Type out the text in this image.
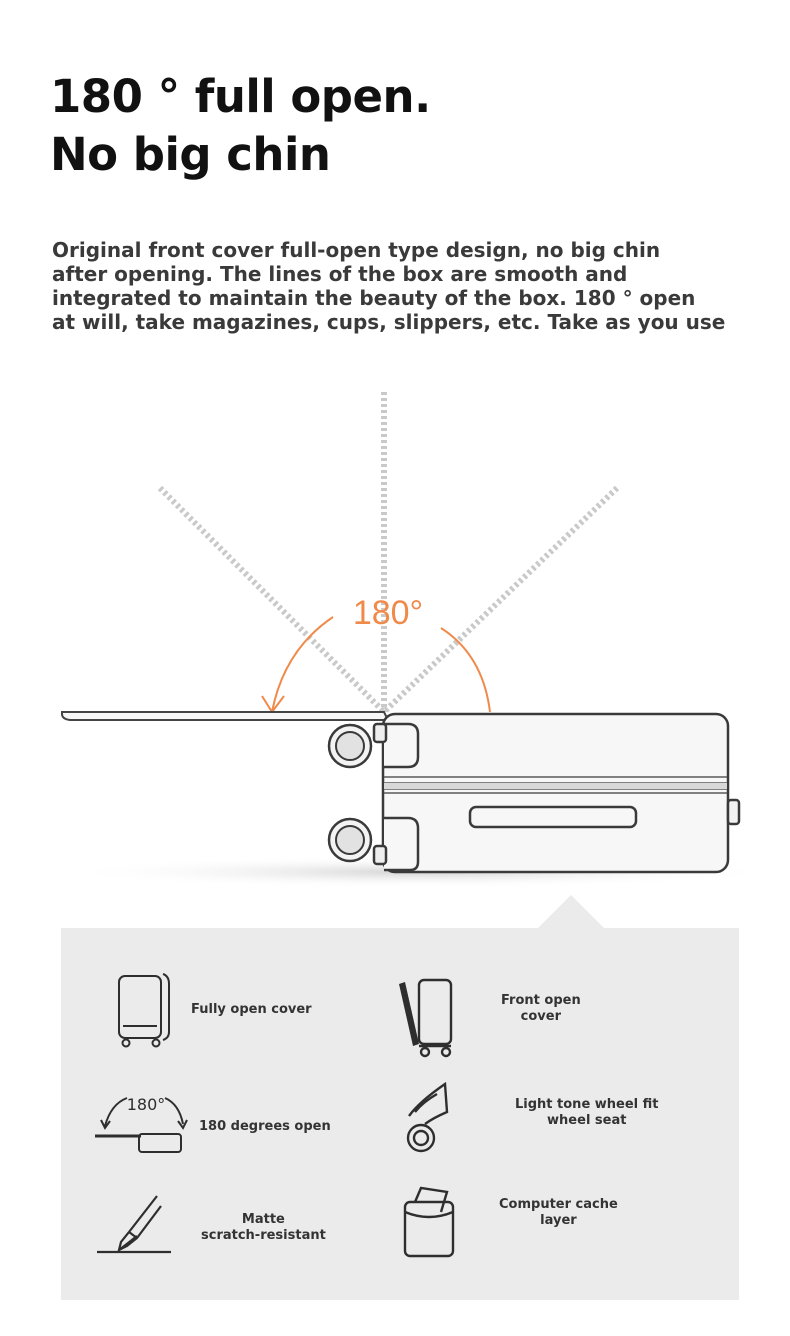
180 ° full open.
No big chin

Original front cover full-open type design, no big chin
after opening. The lines of the box are smooth and
integrated to maintain the beauty of the box. 180 ° open
at will, take magazines, cups, slippers, etc. Take as you use

180°
Fully open cover
Front open
cover
180°
180 degrees open
Light tone wheel fit
wheel seat
Matte
scratch-resistant
Computer cache
layer
